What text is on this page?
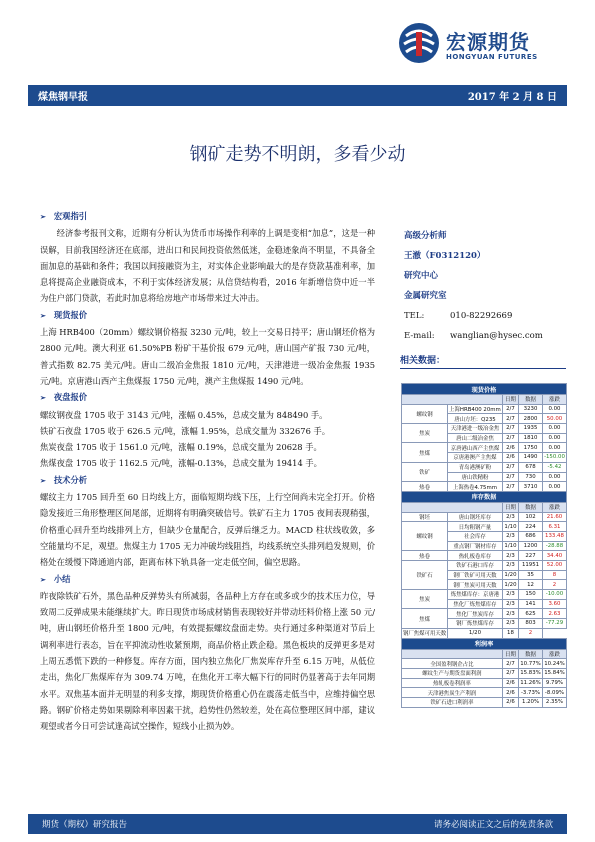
宏源期货
HONGYUAN FUTURES
煤焦钢早报	2017 年 2 月 8 日
钢矿走势不明朗，多看少动
➢ 宏观指引
经济参考报刊文称，近期有分析认为货币市场操作利率的上调是变相“加息”，这是一种误解，目前我国经济还在底部，进出口和民间投资依然低迷，金稳迹象尚不明显，不具备全面加息的基础和条件；我国以间接融资为主，对实体企业影响最大的是存贷款基准利率，加息将提高企业融资成本，不利于实体经济发展；从信贷结构看，2016 年新增信贷中近一半为住户部门贷款，若此时加息将给房地产市场带来过大冲击。
➢ 现货报价
上海 HRB400（20mm）螺纹钢价格报 3230 元/吨，较上一交易日持平；唐山钢坯价格为 2800 元/吨。澳大利亚 61.50%PB 粉矿干基价报 679 元/吨，唐山国产矿报 730 元/吨，普式指数 82.75 美元/吨。唐山二级冶金焦报 1810 元/吨，天津港进一级冶金焦报 1935 元/吨。京唐港山西产主焦煤报 1750 元/吨，澳产主焦煤报 1490 元/吨。
➢ 夜盘报价
螺纹钢夜盘 1705 收于 3143 元/吨，涨幅 0.45%，总成交量为 848490 手。
铁矿石夜盘 1705 收于 626.5 元/吨，涨幅 1.95%，总成交量为 332676 手。
焦炭夜盘 1705 收于 1561.0 元/吨，涨幅 0.19%，总成交量为 20628 手。
焦煤夜盘 1705 收于 1162.5 元/吨，涨幅-0.13%，总成交量为 19414 手。
➢ 技术分析
螺纹主力 1705 回升至 60 日均线上方，面临短期均线下压，上行空间尚未完全打开。价格隐发接近三角形整理区间尾部，近期将有明确突破信号。铁矿石主力 1705 夜间表现稍强，价格重心回升至均线排列上方，但缺少仓量配合，反弹后继乏力。MACD 柱状线收敛，多空能量均不足，观望。焦煤主力 1705 无力冲破均线阻挡，均线系统空头排列趋发规则，价格处在缓慢下降通道内部，距离布林下轨具备一定走低空间，偏空思路。
➢ 小结
昨夜除铁矿石外，黑色品种反弹势头有所减弱，各品种上方存在或多或少的技术压力位，导致周二反弹成果未能继续扩大。昨日现货市场成材销售表现较好并带动坯料价格上涨 50 元/吨，唐山钢坯价格升至 1800 元/吨，有效提振螺纹盘面走势。央行通过多种渠道对节后上调利率进行表态，旨在平抑流动性收紧预期，商品价格止跌企稳。黑色板块的反弹更多是对上周五悉慌下跌的一种修复。库存方面，国内独立焦化厂焦炭库存升至 6.15 万吨，从低位走出，焦化厂焦煤库存为 309.74 万吨，在焦化开工率大幅下行的同时仍显著高于去年同期水平。双焦基本面并无明显的利多支撑，期现货价格重心仍在震荡走低当中，应维持偏空思路。钢矿价格走势如果剔除利率因素干扰，趋势性仍然较差，处在高位整理区间中部，建议观望或者今日可尝试逢高试空操作，短线小止损为妙。
高级分析师
王澈（F0312120）
研究中心
金属研究室
TEL:	010-82292669
E-mail: wanglian@hysec.com
相关数据：
现货价格				
		日期	数据	涨跌
螺纹钢	上海HRB400 20mm	2/7	3230	0.00
	唐山方坯：Q235	2/7	2800	50.00
焦炭	天津港进一级冶金焦	2/7	1935	0.00
	唐山二级冶金焦	2/7	1810	0.00
焦煤	京唐港山西产主焦煤	2/6	1750	0.00
	京唐港澳产主焦煤	2/6	1490	-150.00
铁矿	青岛港澳矿粉	2/7	678	-5.42
	唐山铁精粉	2/7	730	0.00
热卷	上海热卷4.75mm	2/7	3710	0.00
库存数据				
		日期	数据	涨跌
钢坯	唐山钢坯库存	2/3	102	21.60
螺纹钢	日均粗钢产量	1/10	224	6.31
	社会库存	2/3	686	133.48
	重点钢厂钢材库存	1/10	1200	-28.88
热卷	热轧板卷库存	2/3	227	34.40
铁矿石	铁矿石港口库存	2/3	11951	52.00
	钢厂铁矿可用天数	1/20	35	8
	钢厂焦炭可用天数	1/20	12	2
焦炭	炼焦煤库存：京唐港	2/3	150	-10.00
	焦化厂炼焦煤库存	2/3	141	3.60
焦煤	焦化厂焦炭库存	2/3	625	2.63
	钢厂炼焦煤库存	2/3	803	-77.29
钢厂焦煤可用天数	1/20	18	2	
利润率				
		日期	数据	涨跌
全国盈利钢企占比		2/7	10.77%	10.24%
螺纹生产与期货盘面利润		2/7	15.83%	15.84%
热轧板卷利润率		2/6	11.26%	9.79%
天津港焦炭生产利润		2/6	-3.73%	-8.09%
铁矿石进口利润率		2/6	1.20%	2.35%
期货（期权）研究报告	请务必阅读正文之后的免责条款
